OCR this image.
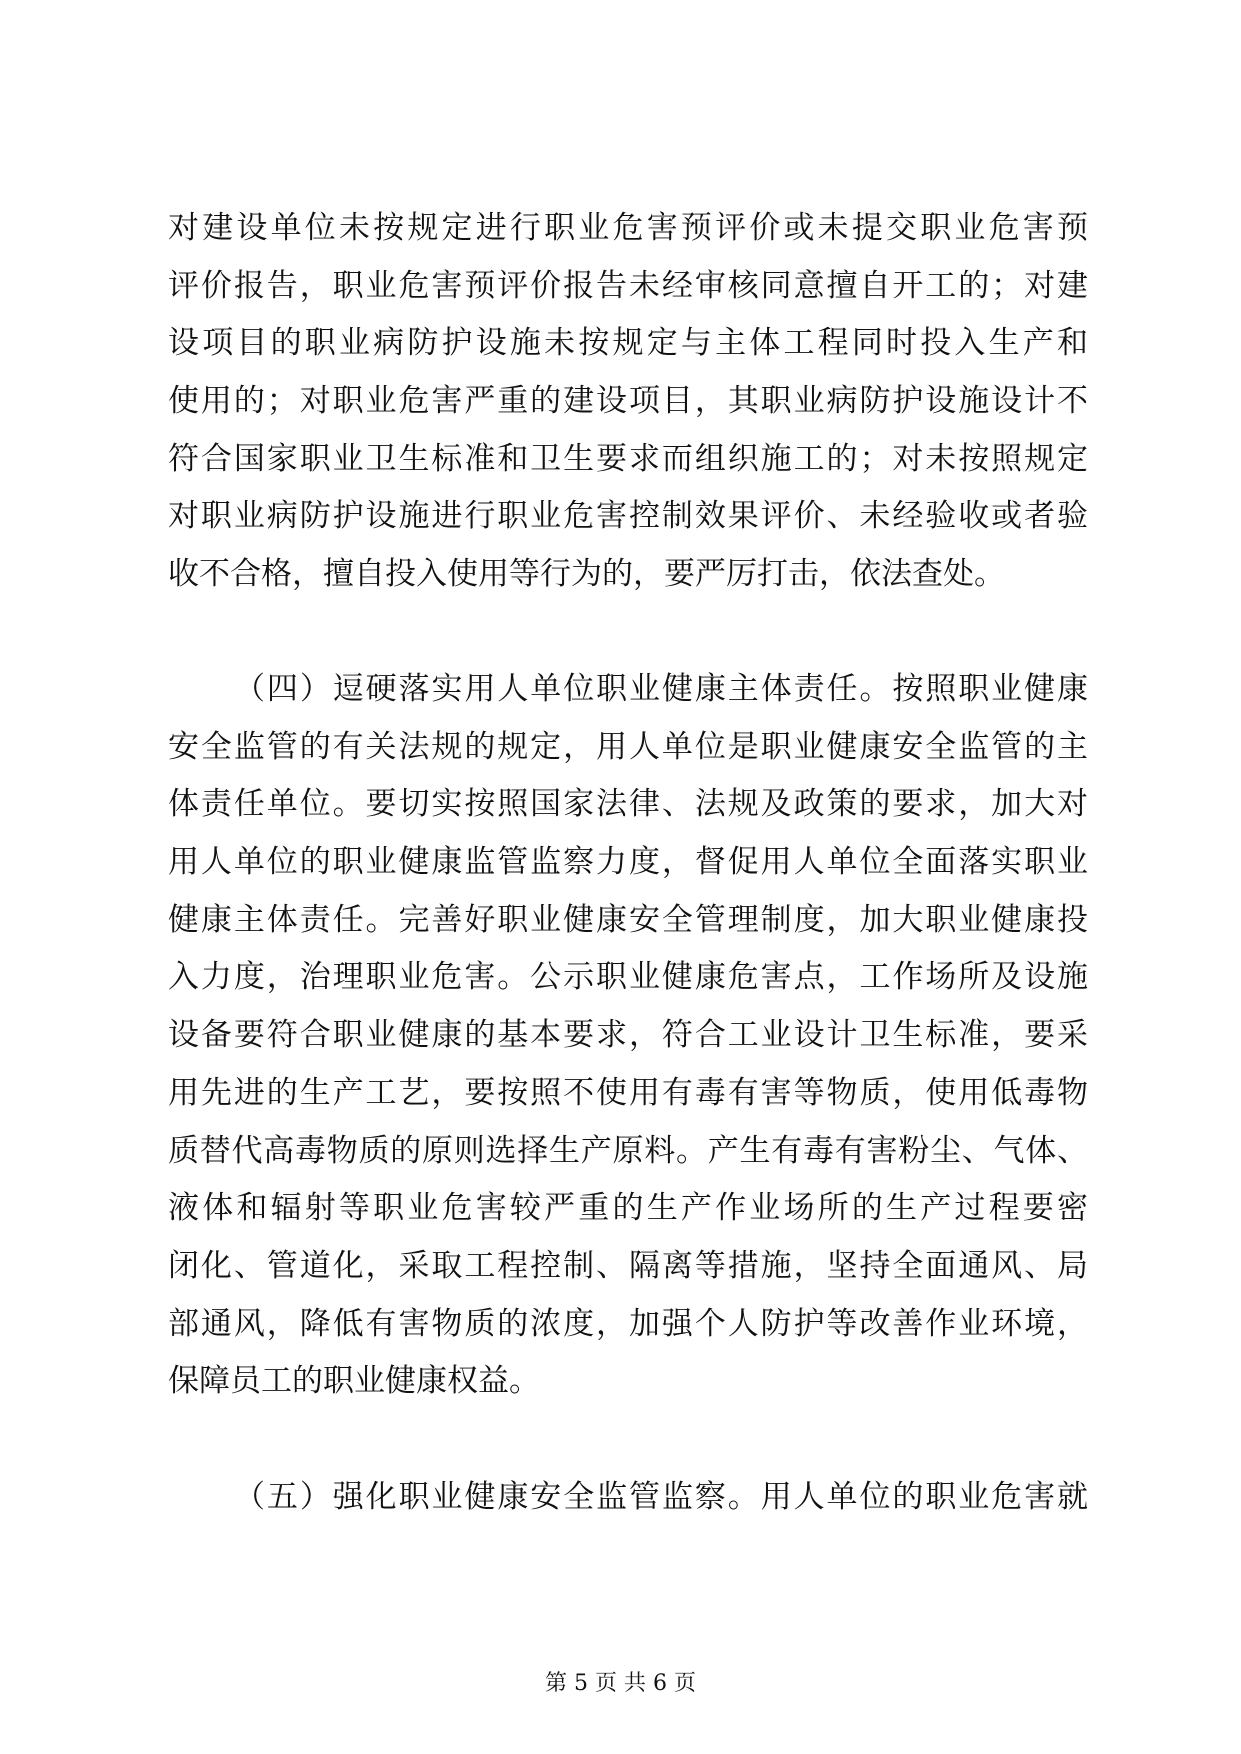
对建设单位未按规定进行职业危害预评价或未提交职业危害预
评价报告，职业危害预评价报告未经审核同意擅自开工的；对建
设项目的职业病防护设施未按规定与主体工程同时投入生产和
使用的；对职业危害严重的建设项目，其职业病防护设施设计不
符合国家职业卫生标准和卫生要求而组织施工的；对未按照规定
对职业病防护设施进行职业危害控制效果评价、未经验收或者验
收不合格，擅自投入使用等行为的，要严厉打击，依法查处。
（四）逗硬落实用人单位职业健康主体责任。按照职业健康
安全监管的有关法规的规定，用人单位是职业健康安全监管的主
体责任单位。要切实按照国家法律、法规及政策的要求，加大对
用人单位的职业健康监管监察力度，督促用人单位全面落实职业
健康主体责任。完善好职业健康安全管理制度，加大职业健康投
入力度，治理职业危害。公示职业健康危害点，工作场所及设施
设备要符合职业健康的基本要求，符合工业设计卫生标准，要采
用先进的生产工艺，要按照不使用有毒有害等物质，使用低毒物
质替代高毒物质的原则选择生产原料。产生有毒有害粉尘、气体、
液体和辐射等职业危害较严重的生产作业场所的生产过程要密
闭化、管道化，采取工程控制、隔离等措施，坚持全面通风、局
部通风，降低有害物质的浓度，加强个人防护等改善作业环境，
保障员工的职业健康权益。
（五）强化职业健康安全监管监察。用人单位的职业危害就
第 5 页 共 6 页
